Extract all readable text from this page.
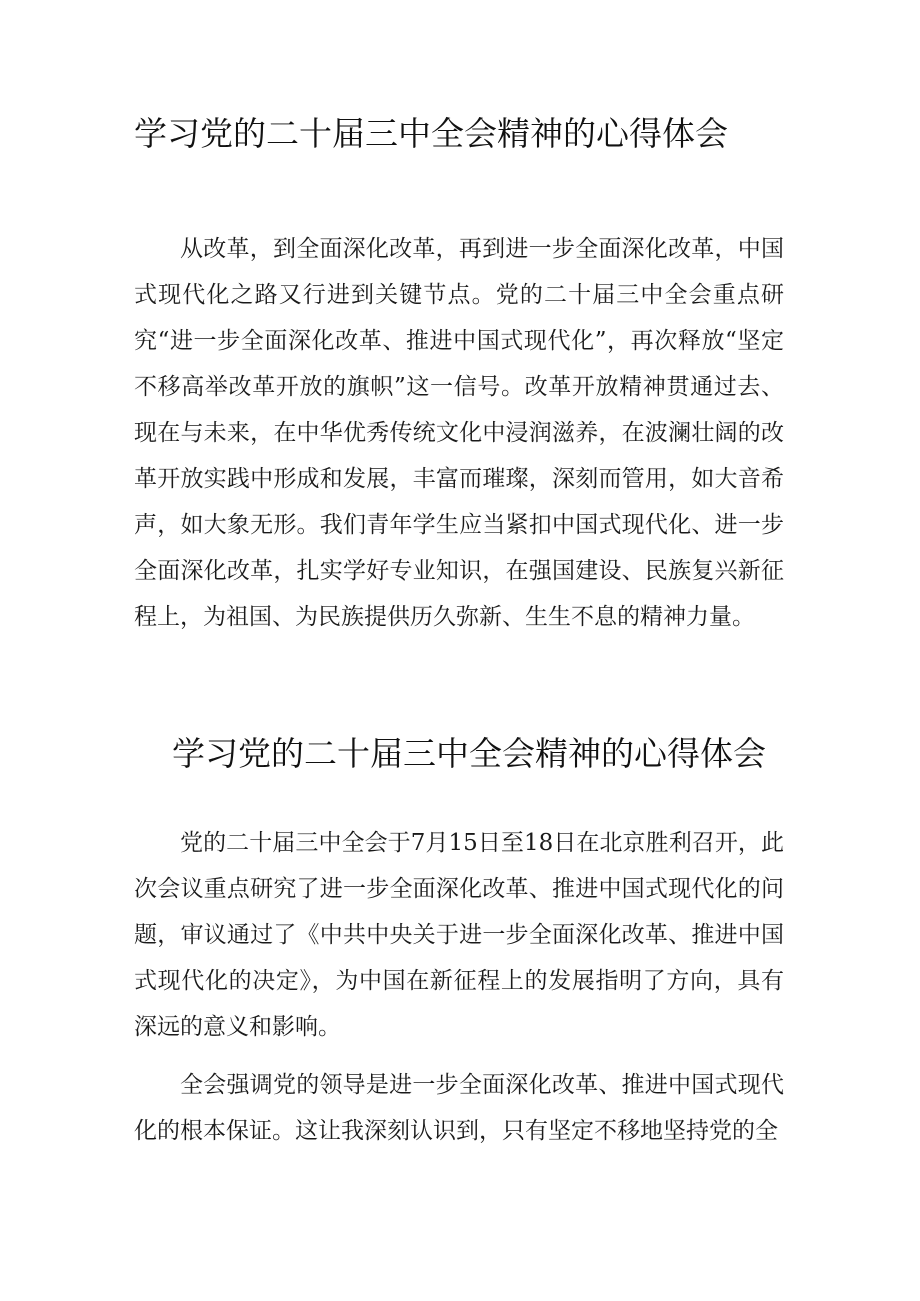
学习党的二十届三中全会精神的心得体会

从改革，到全面深化改革，再到进一步全面深化改革，中国式现代化之路又行进到关键节点。党的二十届三中全会重点研究“进一步全面深化改革、推进中国式现代化”，再次释放“坚定不移高举改革开放的旗帜”这一信号。改革开放精神贯通过去、现在与未来，在中华优秀传统文化中浸润滋养，在波澜壮阔的改革开放实践中形成和发展，丰富而璀璨，深刻而管用，如大音希声，如大象无形。我们青年学生应当紧扣中国式现代化、进一步全面深化改革，扎实学好专业知识，在强国建设、民族复兴新征程上，为祖国、为民族提供历久弥新、生生不息的精神力量。

学习党的二十届三中全会精神的心得体会

党的二十届三中全会于7月15日至18日在北京胜利召开，此次会议重点研究了进一步全面深化改革、推进中国式现代化的问题，审议通过了《中共中央关于进一步全面深化改革、推进中国式现代化的决定》，为中国在新征程上的发展指明了方向，具有深远的意义和影响。

全会强调党的领导是进一步全面深化改革、推进中国式现代化的根本保证。这让我深刻认识到，只有坚定不移地坚持党的全
